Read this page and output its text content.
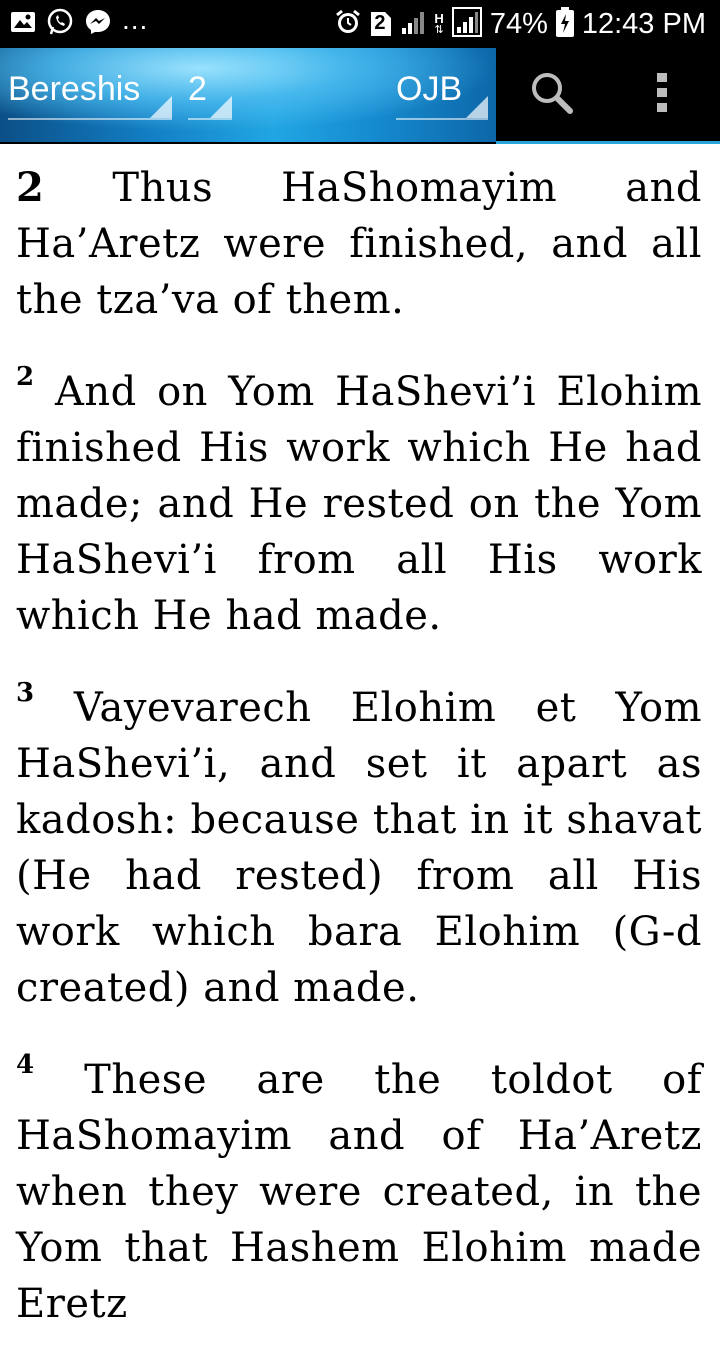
...	2	H
⇅ 74% 12:43 PM
Bereshis 2	OJB

2 Thus HaShomayim and Ha’Aretz were finished, and all the tza’va of them.

$^2$ And on Yom HaShevi’i Elohim finished His work which He had made; and He rested on the Yom HaShevi’i from all His work which He had made.

$^3$ Vayevarech Elohim et Yom HaShevi’i, and set it apart as kadosh: because that in it shavat (He had rested) from all His work which bara Elohim (G-d created) and made.

$^4$ These are the toldot of HaShomayim and of Ha’Aretz when they were created, in the Yom that Hashem Elohim made Eretz
